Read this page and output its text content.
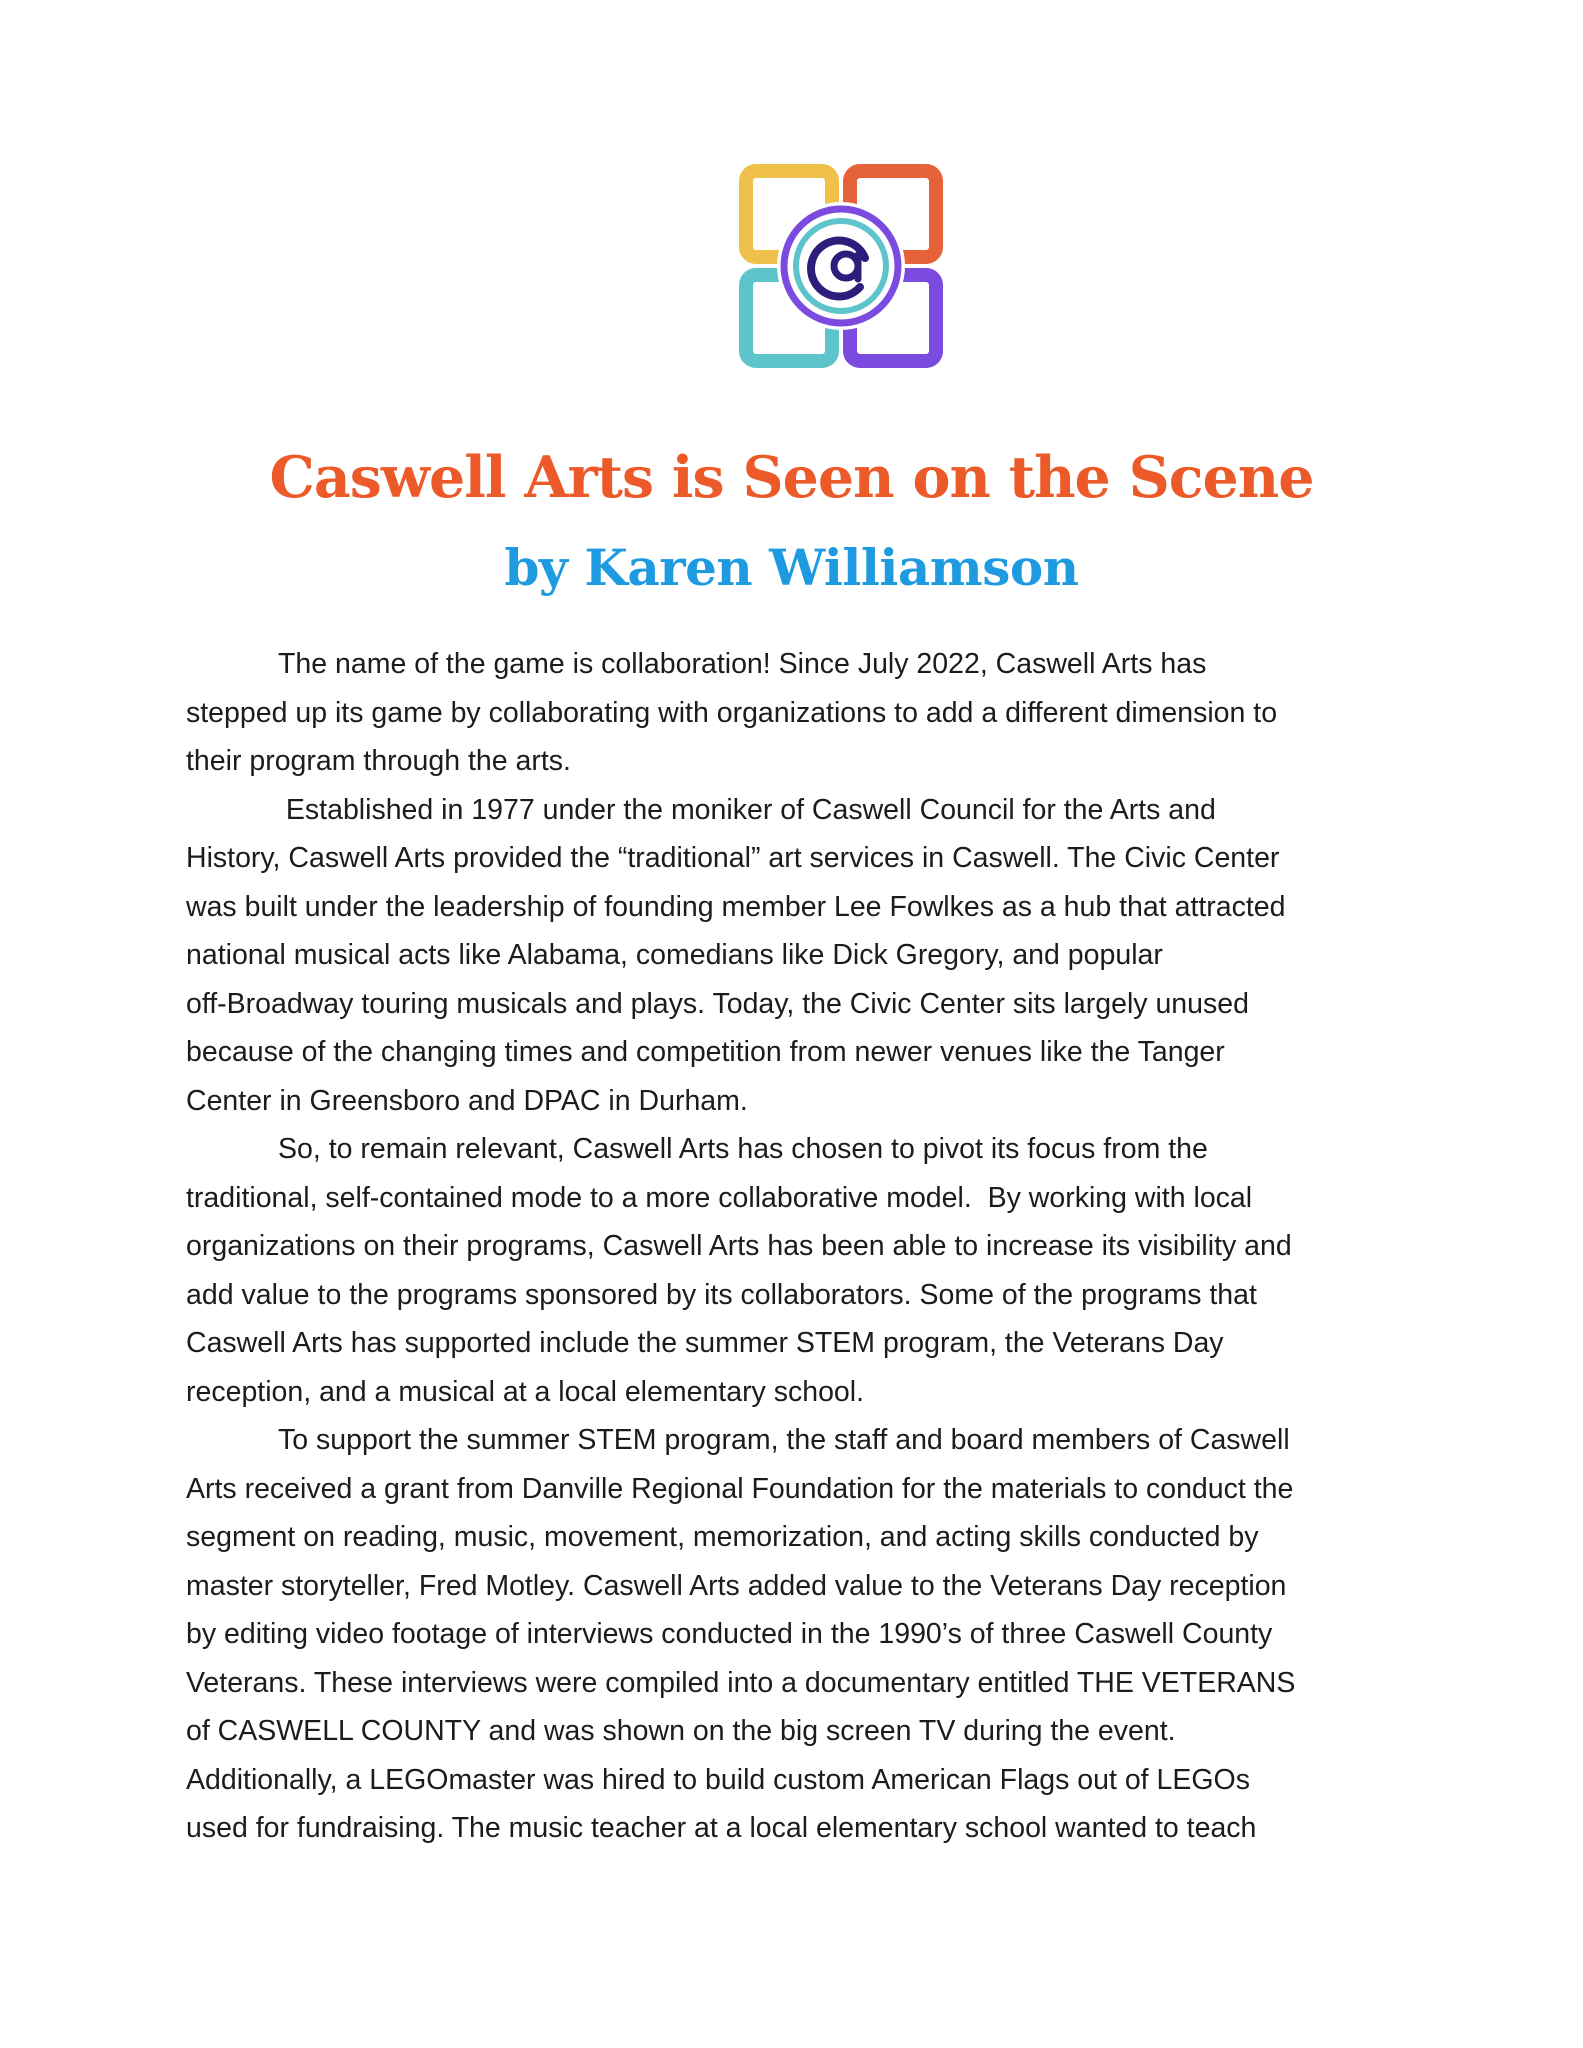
Caswell Arts is Seen on the Scene
by Karen Williamson
The name of the game is collaboration! Since July 2022, Caswell Arts has
stepped up its game by collaborating with organizations to add a different dimension to
their program through the arts.
Established in 1977 under the moniker of Caswell Council for the Arts and
History, Caswell Arts provided the “traditional” art services in Caswell. The Civic Center
was built under the leadership of founding member Lee Fowlkes as a hub that attracted
national musical acts like Alabama, comedians like Dick Gregory, and popular
off-Broadway touring musicals and plays. Today, the Civic Center sits largely unused
because of the changing times and competition from newer venues like the Tanger
Center in Greensboro and DPAC in Durham.
So, to remain relevant, Caswell Arts has chosen to pivot its focus from the
traditional, self-contained mode to a more collaborative model.  By working with local
organizations on their programs, Caswell Arts has been able to increase its visibility and
add value to the programs sponsored by its collaborators. Some of the programs that
Caswell Arts has supported include the summer STEM program, the Veterans Day
reception, and a musical at a local elementary school.
To support the summer STEM program, the staff and board members of Caswell
Arts received a grant from Danville Regional Foundation for the materials to conduct the
segment on reading, music, movement, memorization, and acting skills conducted by
master storyteller, Fred Motley. Caswell Arts added value to the Veterans Day reception
by editing video footage of interviews conducted in the 1990’s of three Caswell County
Veterans. These interviews were compiled into a documentary entitled THE VETERANS
of CASWELL COUNTY and was shown on the big screen TV during the event.
Additionally, a LEGOmaster was hired to build custom American Flags out of LEGOs
used for fundraising. The music teacher at a local elementary school wanted to teach
